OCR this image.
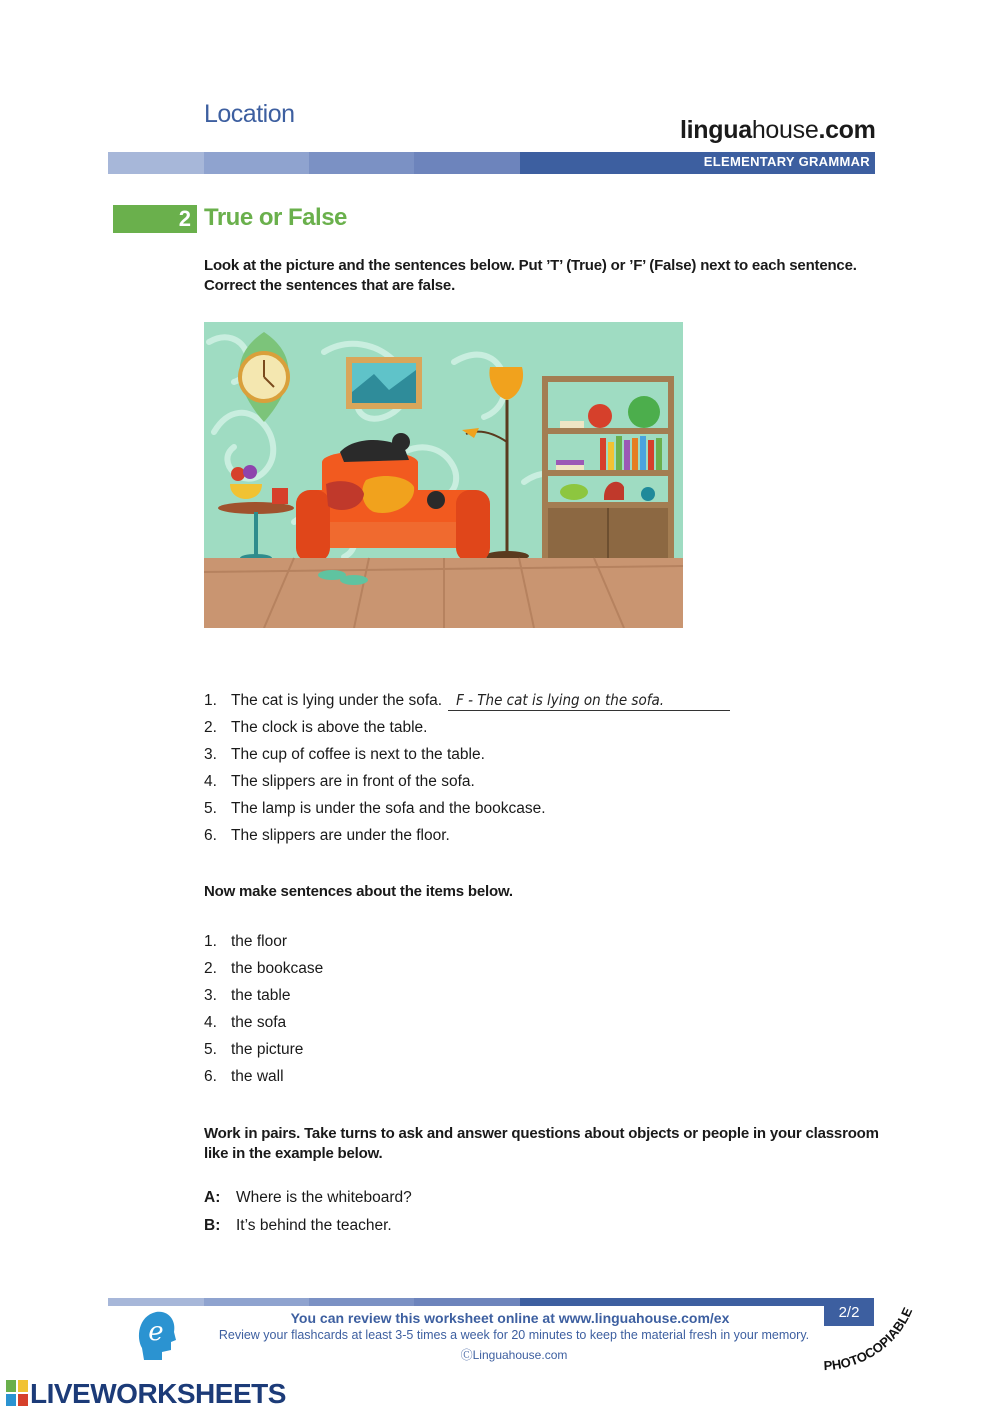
Location
linguahouse.com
ELEMENTARY GRAMMAR
2 True or False
Look at the picture and the sentences below. Put ’T’ (True) or ’F’ (False) next to each sentence. Correct the sentences that are false.
1. The cat is lying under the sofa. F - The cat is lying on the sofa.
2. The clock is above the table.
3. The cup of coffee is next to the table.
4. The slippers are in front of the sofa.
5. The lamp is under the sofa and the bookcase.
6. The slippers are under the floor.
Now make sentences about the items below.
1. the floor
2. the bookcase
3. the table
4. the sofa
5. the picture
6. the wall
Work in pairs. Take turns to ask and answer questions about objects or people in your classroom like in the example below.
A: Where is the whiteboard?
B: It’s behind the teacher.
2/2
e	You can review this worksheet online at www.linguahouse.com/ex
Review your flashcards at least 3-5 times a week for 20 minutes to keep the material fresh in your memory.
ⒸLinguahouse.com
PHOTOCOPIABLE
LIVEWORKSHEETS
